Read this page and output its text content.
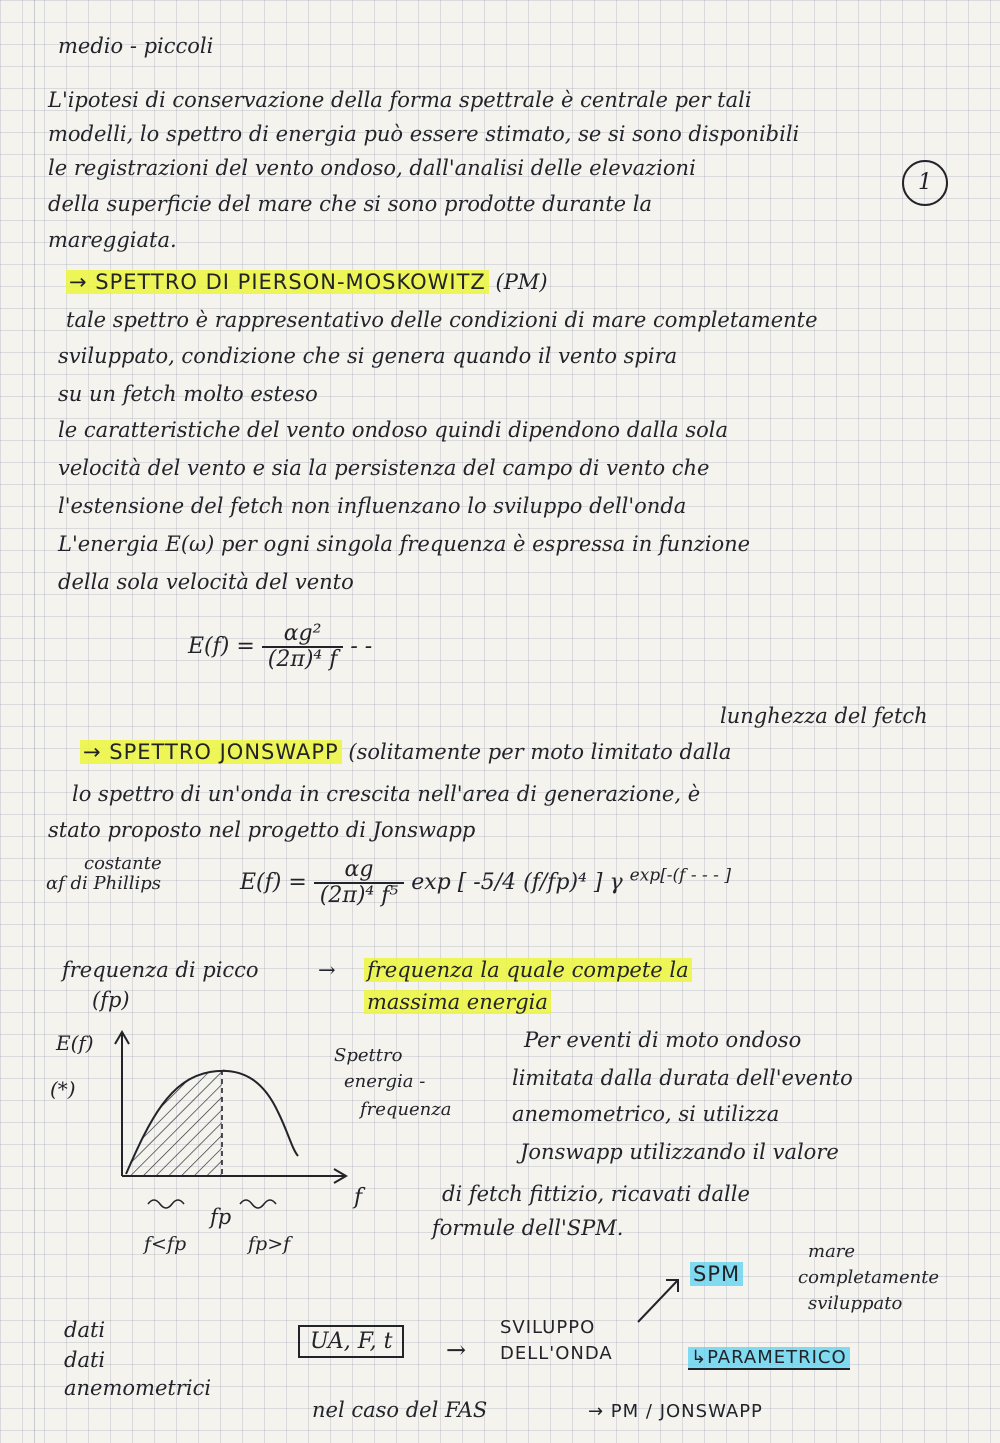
medio - piccoli
L'ipotesi di conservazione della forma spettrale è centrale per tali
modelli, lo spettro di energia può essere stimato, se si sono disponibili
le registrazioni del vento ondoso, dall'analisi delle elevazioni
della superficie del mare che si sono prodotte durante la
mareggiata.
1
→ SPETTRO DI PIERSON-MOSKOWITZ (PM)
tale spettro è rappresentativo delle condizioni di mare completamente
sviluppato, condizione che si genera quando il vento spira
su un fetch molto esteso
le caratteristiche del vento ondoso quindi dipendono dalla sola
velocità del vento e sia la persistenza del campo di vento che
l'estensione del fetch non influenzano lo sviluppo dell'onda
L'energia E(ω) per ogni singola frequenza è espressa in funzione
della sola velocità del vento
$E(f) = \frac{\text{αg²}}{\text{(2π)⁴ f}}$ - -
lunghezza del fetch
→ SPETTRO JONSWAPP (solitamente per moto limitato dalla
lo spettro di un'onda in crescita nell'area di generazione, è
stato proposto nel progetto di Jonswapp
costante
αf di Phillips	$E(f) = \frac{\alpha g}{\text{(2π)⁴ f⁵}}$ exp [ -5/4 (f/fp)⁴ ] γ $^{exp[-(f - - - ]}$
frequenza di picco
(fp)
→ frequenza la quale compete la
massima energia
E(f)
(*)
f
fp
f<fp	fp>f
Spettro
energia -
frequenza
Per eventi di moto ondoso
limitata dalla durata dell'evento
anemometrico, si utilizza
Jonswapp utilizzando il valore
di fetch fittizio, ricavati dalle
formule dell'SPM.
SPM
mare
completamente
sviluppato
dati
dati
anemometrici
UA, F, t	→
SVILUPPO
DELL'ONDA	↳PARAMETRICO
nel caso del FAS	→ PM / JONSWAPP
